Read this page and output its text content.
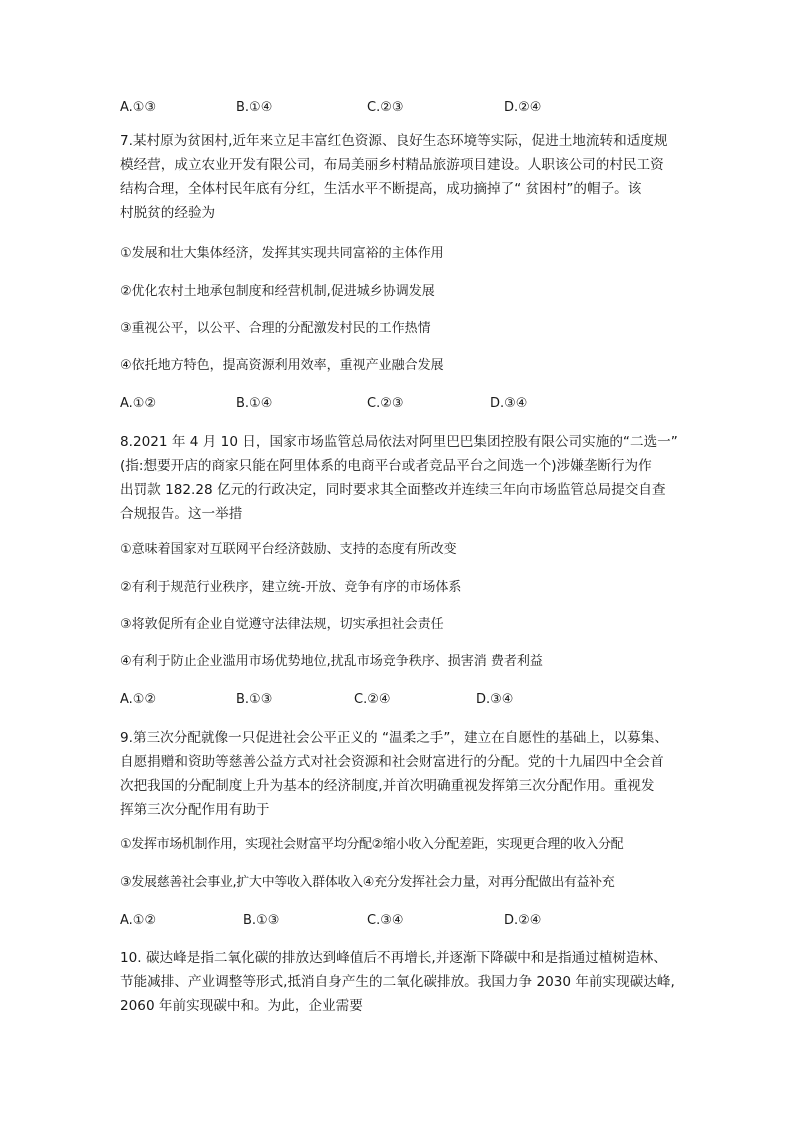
A.①③	B.①④	C.②③	D.②④
7.某村原为贫困村,近年来立足丰富红色资源、良好生态环境等实际，促进土地流转和适度规
模经营，成立农业开发有限公司，布局美丽乡村精品旅游项目建设。人职该公司的村民工资
结构合理，全体村民年底有分红，生活水平不断提高，成功摘掉了“ 贫困村”的帽子。该
村脱贫的经验为
①发展和壮大集体经济，发挥其实现共同富裕的主体作用
②优化农村土地承包制度和经营机制,促进城乡协调发展
③重视公平，以公平、合理的分配激发村民的工作热情
④依托地方特色，提高资源利用效率，重视产业融合发展
A.①②	B.①④	C.②③	D.③④
8.2021 年 4 月 10 日，国家市场监管总局依法对阿里巴巴集团控股有限公司实施的“二选一”
(指:想要开店的商家只能在阿里体系的电商平台或者竞品平台之间选一个)涉嫌垄断行为作
出罚款 182.28 亿元的行政决定，同时要求其全面整改并连续三年向市场监管总局提交自查
合规报告。这一举措
①意味着国家对互联网平台经济鼓励、支持的态度有所改变
②有利于规范行业秩序，建立统-开放、竞争有序的市场体系
③将敦促所有企业自觉遵守法律法规，切实承担社会责任
④有利于防止企业滥用市场优势地位,扰乱市场竞争秩序、损害消 费者利益
A.①②	B.①③	C.②④	D.③④
9.第三次分配就像一只促进社会公平正义的 “温柔之手”，建立在自愿性的基础上，以募集、
自愿捐赠和资助等慈善公益方式对社会资源和社会财富进行的分配。党的十九届四中全会首
次把我国的分配制度上升为基本的经济制度,并首次明确重视发挥第三次分配作用。重视发
挥第三次分配作用有助于
①发挥市场机制作用，实现社会财富平均分配②缩小收入分配差距，实现更合理的收入分配
③发展慈善社会事业,扩大中等收入群体收入④充分发挥社会力量，对再分配做出有益补充
A.①②	B.①③	C.③④	D.②④
10. 碳达峰是指二氧化碳的排放达到峰值后不再增长,并逐渐下降碳中和是指通过植树造林、
节能减排、产业调整等形式,抵消自身产生的二氧化碳排放。我国力争 2030 年前实现碳达峰,
2060 年前实现碳中和。为此，企业需要
